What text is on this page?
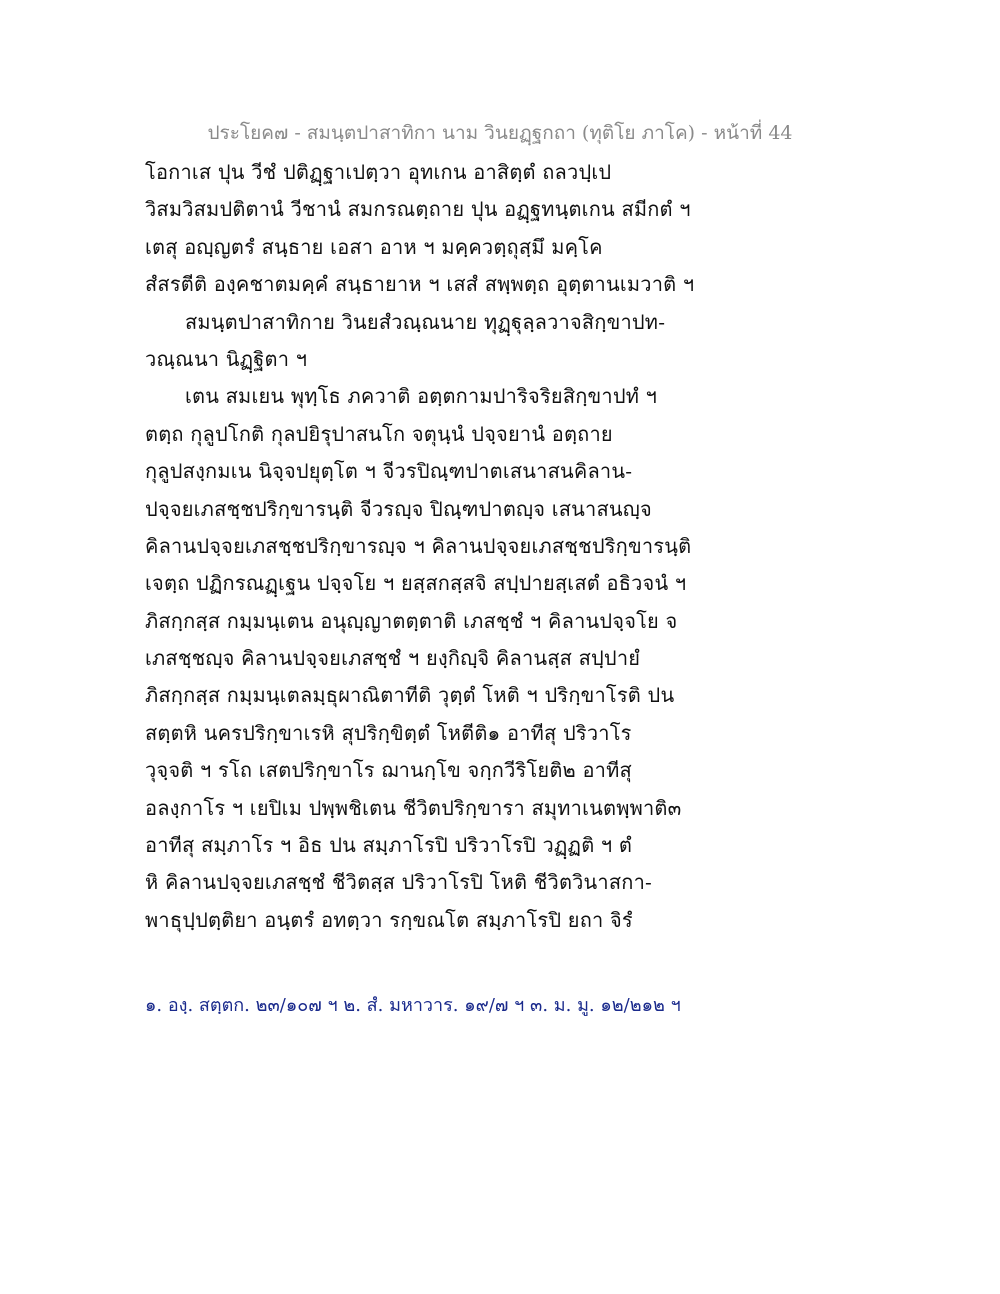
ประโยค๗ - สมนฺตปาสาทิกา นาม วินยฏฺฐกถา (ทุติโย ภาโค) - หน้าที่ 44
โอกาเส ปุน วีชํ ปติฏฺฐาเปตฺวา อุทเกน อาสิตฺตํ ถลวปฺเป
วิสมวิสมปติตานํ วีชานํ สมกรณตฺถาย ปุน อฏฺฐทนฺตเกน สมีกตํ ฯ
เตสุ อญฺญตรํ สนฺธาย เอสา อาห ฯ มคฺควตฺถุสฺมึ มคฺโค
สํสรตีติ องฺคชาตมคฺคํ สนฺธายาห ฯ เสสํ สพฺพตฺถ อุตฺตานเมวาติ ฯ
สมนฺตปาสาทิกาย วินยสํวณฺณนาย ทุฏฺฐุลฺลวาจสิกฺขาปท-
วณฺณนา นิฏฺฐิตา ฯ
เตน สมเยน พุทฺโธ ภควาติ อตฺตกามปาริจริยสิกฺขาปทํ ฯ
ตตฺถ กุลูปโกติ กุลปยิรุปาสนโก จตุนฺนํ ปจฺจยานํ อตฺถาย
กุลูปสงฺกมเน นิจฺจปยุตฺโต ฯ จีวรปิณฺฑปาตเสนาสนคิลาน-
ปจฺจยเภสชฺชปริกฺขารนฺติ จีวรญฺจ ปิณฺฑปาตญฺจ เสนาสนญฺจ
คิลานปจฺจยเภสชฺชปริกฺขารญฺจ ฯ คิลานปจฺจยเภสชฺชปริกฺขารนฺติ
เจตฺถ ปฏิกรณฏฺเฐน ปจฺจโย ฯ ยสฺสกสฺสจิ สปฺปายสฺเสตํ อธิวจนํ ฯ
ภิสกฺกสฺส กมฺมนฺเตน อนุญฺญาตตฺตาติ เภสชฺชํ ฯ คิลานปจฺจโย จ
เภสชฺชญฺจ คิลานปจฺจยเภสชฺชํ ฯ ยงฺกิญฺจิ คิลานสฺส สปฺปายํ
ภิสกฺกสฺส กมฺมนฺเตลมฺธุผาณิตาทีติ วุตฺตํ โหติ ฯ ปริกฺขาโรติ ปน
สตฺตหิ นครปริกฺขาเรหิ สุปริกฺขิตฺตํ โหตีติ๑ อาทีสุ ปริวาโร
วุจฺจติ ฯ รโถ เสตปริกฺขาโร ฌานกฺโข จกฺกวีริโยติ๒ อาทีสุ
อลงฺกาโร ฯ เยปิเม ปพฺพชิเตน ชีวิตปริกฺขารา สมุทาเนตพฺพาติ๓
อาทีสุ สมฺภาโร ฯ อิธ ปน สมฺภาโรปิ ปริวาโรปิ วฏฺฏติ ฯ ตํ
หิ คิลานปจฺจยเภสชฺชํ ชีวิตสฺส ปริวาโรปิ โหติ ชีวิตวินาสกา-
พาธุปฺปตฺติยา อนฺตรํ อทตฺวา รกฺขณโต สมฺภาโรปิ ยถา จิรํ
๑. องฺ. สตฺตก. ๒๓/๑๐๗ ฯ ๒. สํ. มหาวาร. ๑๙/๗ ฯ ๓. ม. มู. ๑๒/๒๑๒ ฯ
